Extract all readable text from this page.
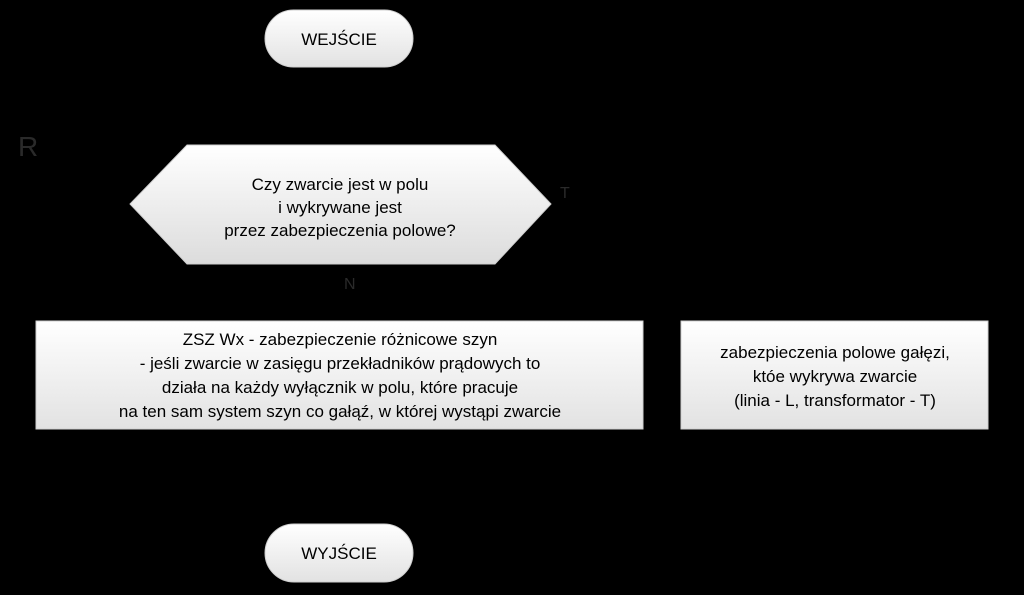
R
WEJŚCIE
Czy zwarcie jest w polu
i wykrywane jest
przez zabezpieczenia polowe?
T
N
ZSZ Wx - zabezpieczenie różnicowe szyn
- jeśli zwarcie w zasięgu przekładników prądowych to
działa na każdy wyłącznik w polu, które pracuje
na ten sam system szyn co gałąź, w której wystąpi zwarcie
zabezpieczenia polowe gałęzi,
któe wykrywa zwarcie
(linia - L, transformator - T)
WYJŚCIE
